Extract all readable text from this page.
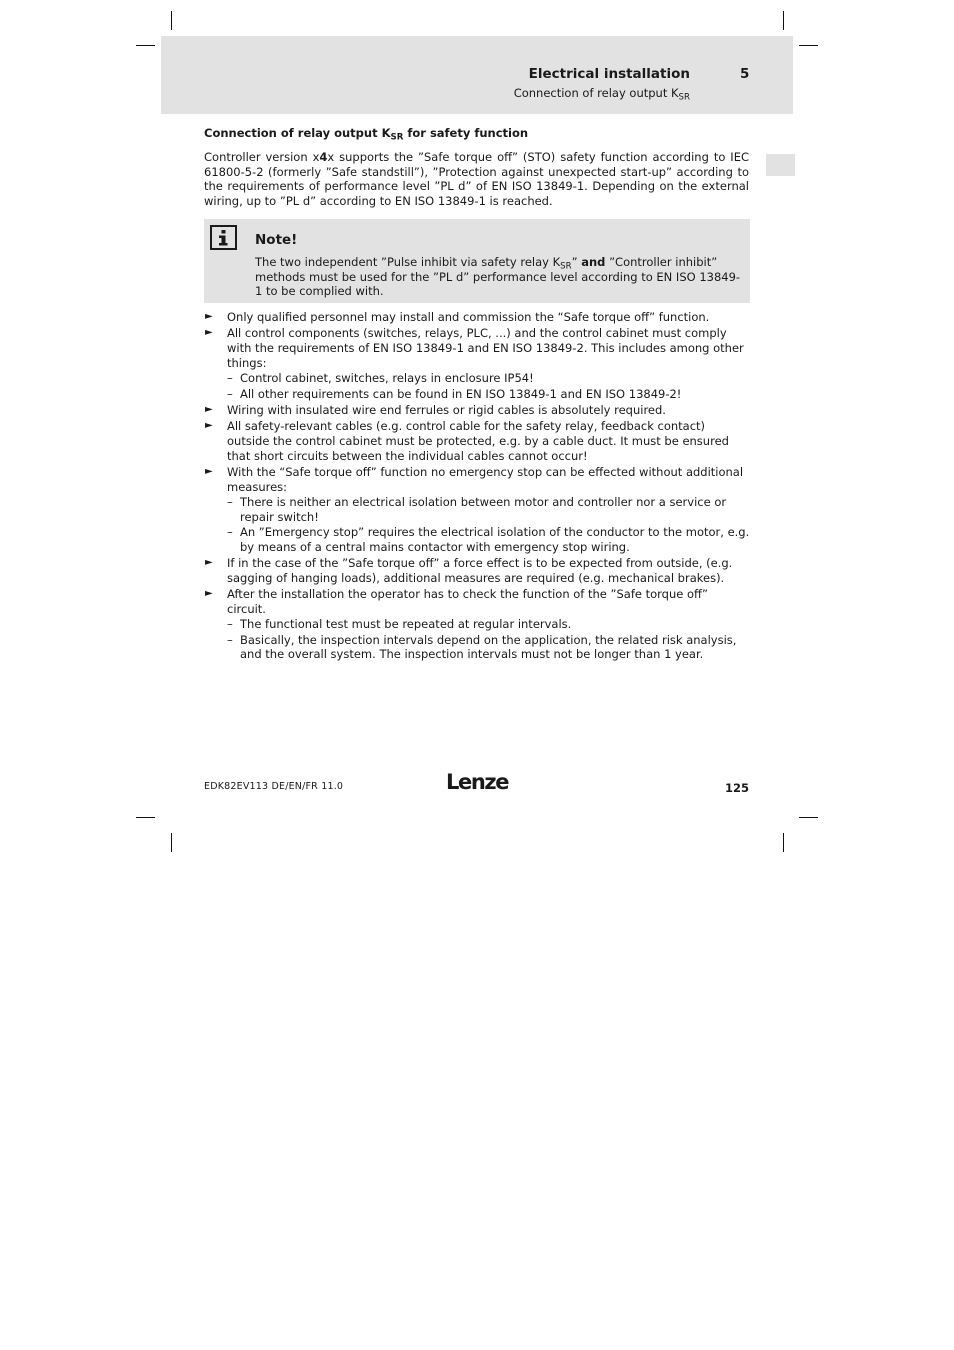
Electrical installation	5
Connection of relay output $K_{SR}$
Connection of relay output $K_{SR}$ for safety function

Controller version x4x supports the ”Safe torque off” (STO) safety function according to IEC 61800-5-2 (formerly ”Safe standstill”), ”Protection against unexpected start-up” according to the requirements of performance level ”PL d” of EN ISO 13849-1. Depending on the external wiring, up to ”PL d” according to EN ISO 13849-1 is reached.

Note!

The two independent ”Pulse inhibit via safety relay $K_{SR}$” and ”Controller inhibit” methods must be used for the ”PL d” performance level according to EN ISO 13849-1 to be complied with.

► Only qualified personnel may install and commission the “Safe torque off” function.
► All control components (switches, relays, PLC, ...) and the control cabinet must comply with the requirements of EN ISO 13849-1 and EN ISO 13849-2. This includes among other things:
– Control cabinet, switches, relays in enclosure IP54!
– All other requirements can be found in EN ISO 13849-1 and EN ISO 13849-2!
► Wiring with insulated wire end ferrules or rigid cables is absolutely required.
► All safety-relevant cables (e.g. control cable for the safety relay, feedback contact) outside the control cabinet must be protected, e.g. by a cable duct. It must be ensured that short circuits between the individual cables cannot occur!
► With the “Safe torque off” function no emergency stop can be effected without additional measures:
– There is neither an electrical isolation between motor and controller nor a service or repair switch!
– An ”Emergency stop” requires the electrical isolation of the conductor to the motor, e.g. by means of a central mains contactor with emergency stop wiring.
► If in the case of the ”Safe torque off” a force effect is to be expected from outside, (e.g. sagging of hanging loads), additional measures are required (e.g. mechanical brakes).
► After the installation the operator has to check the function of the ”Safe torque off” circuit.
– The functional test must be repeated at regular intervals.
– Basically, the inspection intervals depend on the application, the related risk analysis, and the overall system. The inspection intervals must not be longer than 1 year.
EDK82EV113 DE/EN/FR 11.0	Lenze	125
